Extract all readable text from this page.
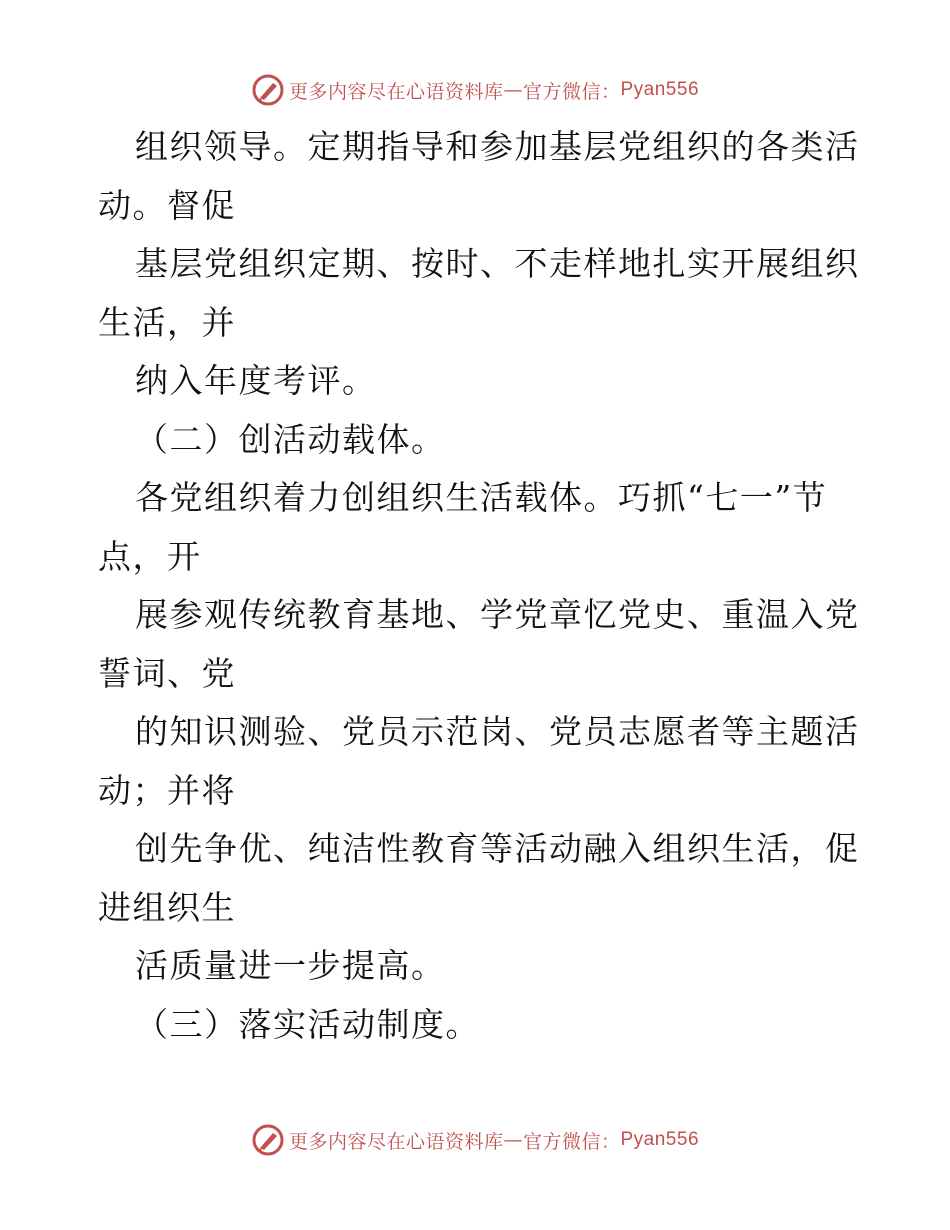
更多内容尽在心语资料库 — 官方微信： Pyan556
组织领导。定期指导和参加基层党组织的各类活
动。督促
基层党组织定期、按时、不走样地扎实开展组织
生活，并
纳入年度考评。
（二）创活动载体。
各党组织着力创组织生活载体。巧抓“七一”节
点，开
展参观传统教育基地、学党章忆党史、重温入党
誓词、党
的知识测验、党员示范岗、党员志愿者等主题活
动；并将
创先争优、纯洁性教育等活动融入组织生活，促
进组织生
活质量进一步提高。
（三）落实活动制度。
更多内容尽在心语资料库 — 官方微信： Pyan556
